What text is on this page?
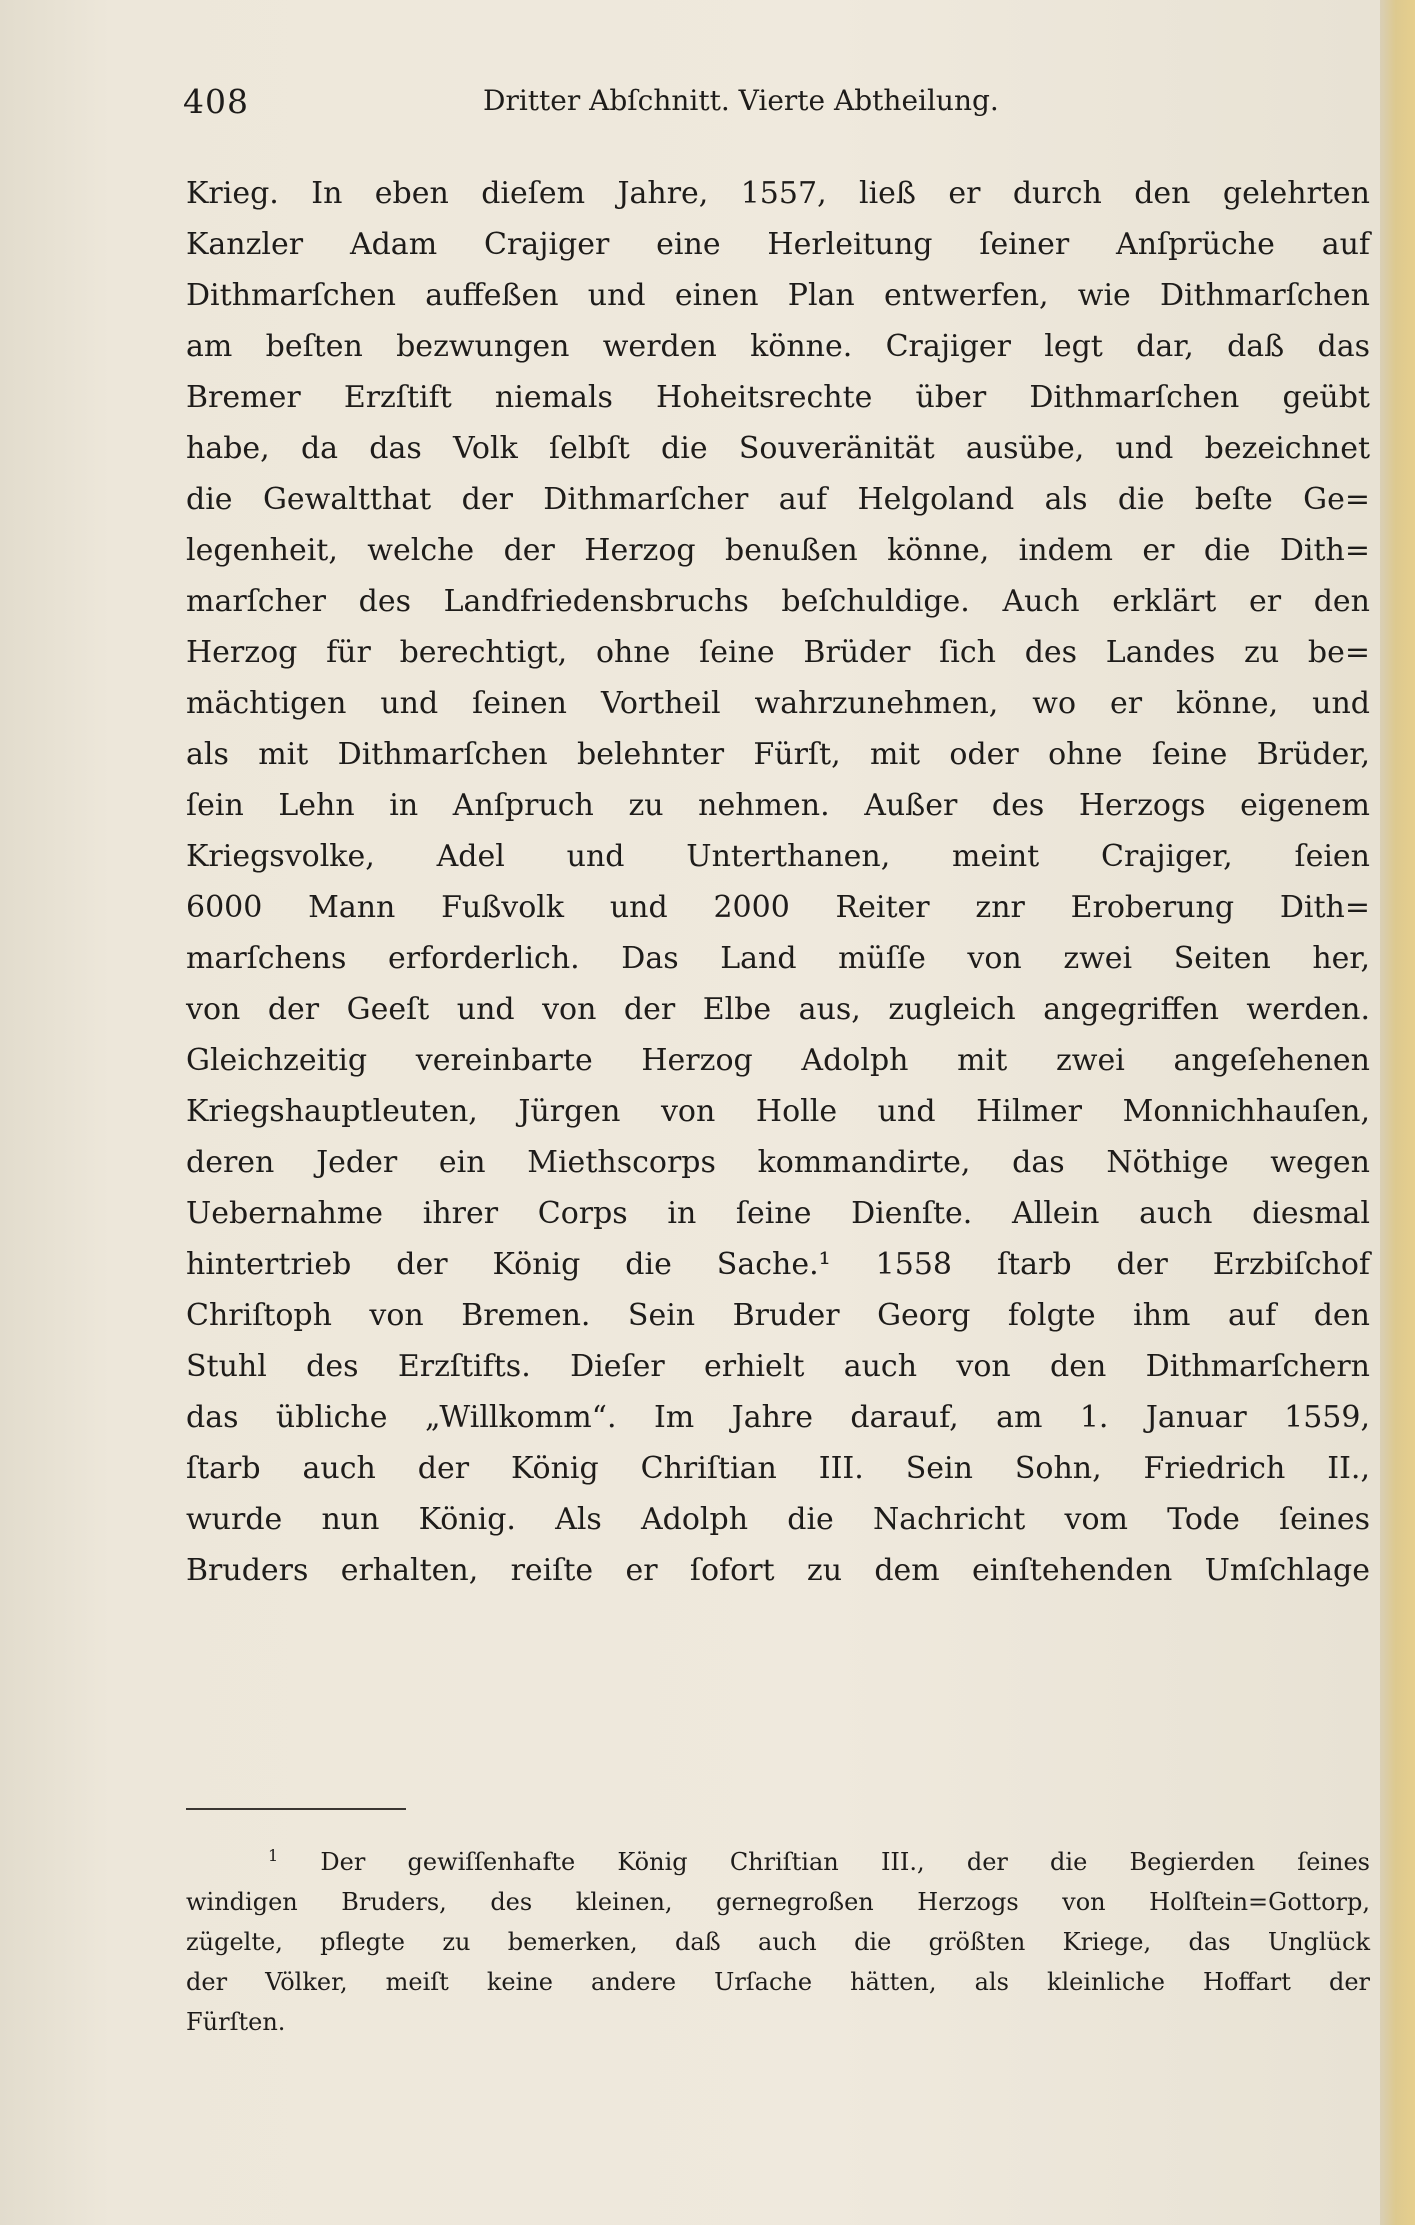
408	Dritter Abſchnitt. Vierte Abtheilung.
Krieg. In eben dieſem Jahre, 1557, ließ er durch den gelehrten
Kanzler Adam Crajiger eine Herleitung ſeiner Anſprüche auf
Dithmarſchen auffeßen und einen Plan entwerfen, wie Dithmarſchen
am beſten bezwungen werden könne. Crajiger legt dar, daß das
Bremer Erzſtift niemals Hoheitsrechte über Dithmarſchen geübt
habe, da das Volk ſelbſt die Souveränität ausübe, und bezeichnet
die Gewaltthat der Dithmarſcher auf Helgoland als die beſte Ge=
legenheit, welche der Herzog benußen könne, indem er die Dith=
marſcher des Landfriedensbruchs beſchuldige. Auch erklärt er den
Herzog für berechtigt, ohne ſeine Brüder ſich des Landes zu be=
mächtigen und ſeinen Vortheil wahrzunehmen, wo er könne, und
als mit Dithmarſchen belehnter Fürſt, mit oder ohne ſeine Brüder,
ſein Lehn in Anſpruch zu nehmen. Außer des Herzogs eigenem
Kriegsvolke, Adel und Unterthanen, meint Crajiger, ſeien
6000 Mann Fußvolk und 2000 Reiter znr Eroberung Dith=
marſchens erforderlich. Das Land müſſe von zwei Seiten her,
von der Geeſt und von der Elbe aus, zugleich angegriffen werden.
Gleichzeitig vereinbarte Herzog Adolph mit zwei angeſehenen
Kriegshauptleuten, Jürgen von Holle und Hilmer Monnichhauſen,
deren Jeder ein Miethscorps kommandirte, das Nöthige wegen
Uebernahme ihrer Corps in ſeine Dienſte. Allein auch diesmal
hintertrieb der König die Sache.¹ 1558 ſtarb der Erzbiſchof
Chriſtoph von Bremen. Sein Bruder Georg folgte ihm auf den
Stuhl des Erzſtifts. Dieſer erhielt auch von den Dithmarſchern
das übliche „Willkomm“. Im Jahre darauf, am 1. Januar 1559,
ſtarb auch der König Chriſtian III. Sein Sohn, Friedrich II.,
wurde nun König. Als Adolph die Nachricht vom Tode ſeines
Bruders erhalten, reiſte er ſofort zu dem einſtehenden Umſchlage
$^1$ Der gewiſſenhafte König Chriſtian III., der die Begierden ſeines
windigen Bruders, des kleinen, gernegroßen Herzogs von Holſtein=Gottorp,
zügelte, pflegte zu bemerken, daß auch die größten Kriege, das Unglück
der Völker, meiſt keine andere Urſache hätten, als kleinliche Hoffart der
Fürſten.
